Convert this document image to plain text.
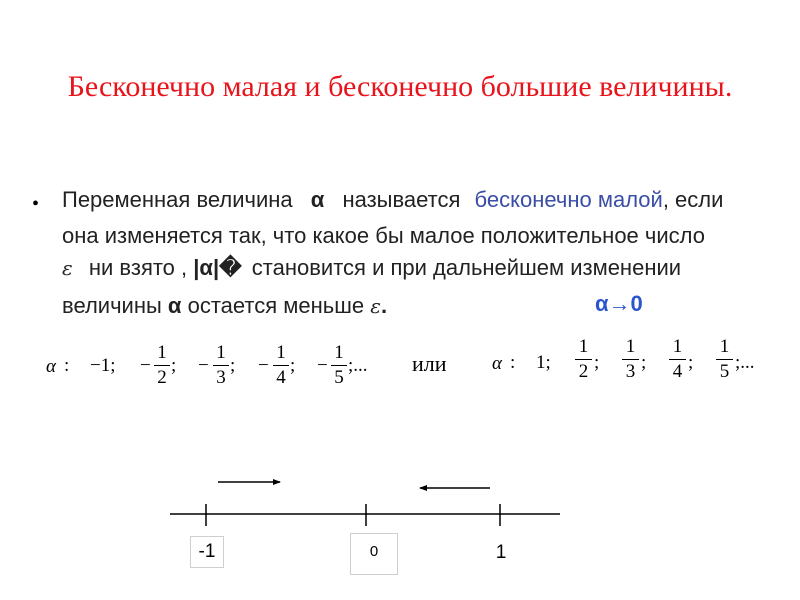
Бесконечно малая и бесконечно большие величины.
• Переменная величина α называется бесконечно малой, если
она изменяется так, что какое бы малое положительное число
ε ни взято , |α|� становится и при дальнейшем изменении
величины α остается меньше ε.	α→0
α : −1; −
1
2
; −
1
3
; −
1
4
; −
1
5
;... или α : 1;
1
2 ;
1
3 ;
1
4 ;
1
5 ;...
-1	0	1
